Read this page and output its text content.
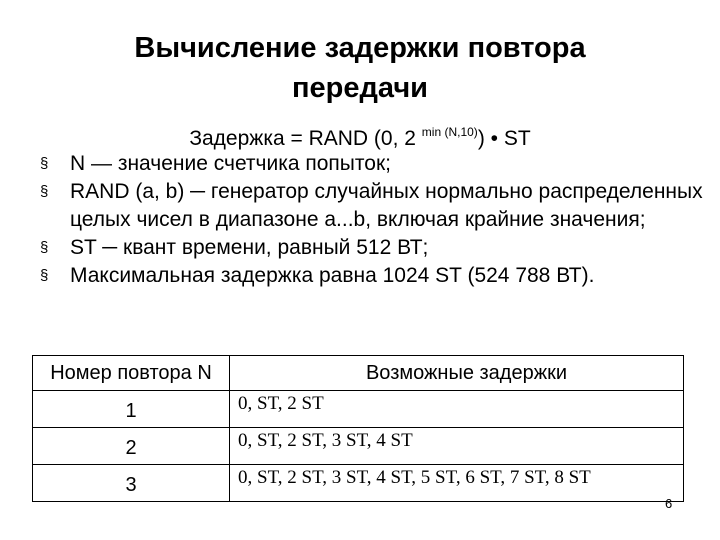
Вычисление задержки повтора
передачи
Задержка = RAND (0, 2 $^{min (N,10)}$) • ST
§ N — значение счетчика попыток;
§ RAND (a, b) ─ генератор случайных нормально распределенных целых чисел в диапазоне a...b, включая крайние значения;
§ ST ─ квант времени, равный 512 ВТ;
§ Максимальная задержка равна 1024 ST (524 788 ВТ).
Номер повтора N	Возможные задержки
1	0, ST, 2 ST
2	0, ST, 2 ST, 3 ST, 4 ST
3	0, ST, 2 ST, 3 ST, 4 ST, 5 ST, 6 ST, 7 ST, 8 ST
6
